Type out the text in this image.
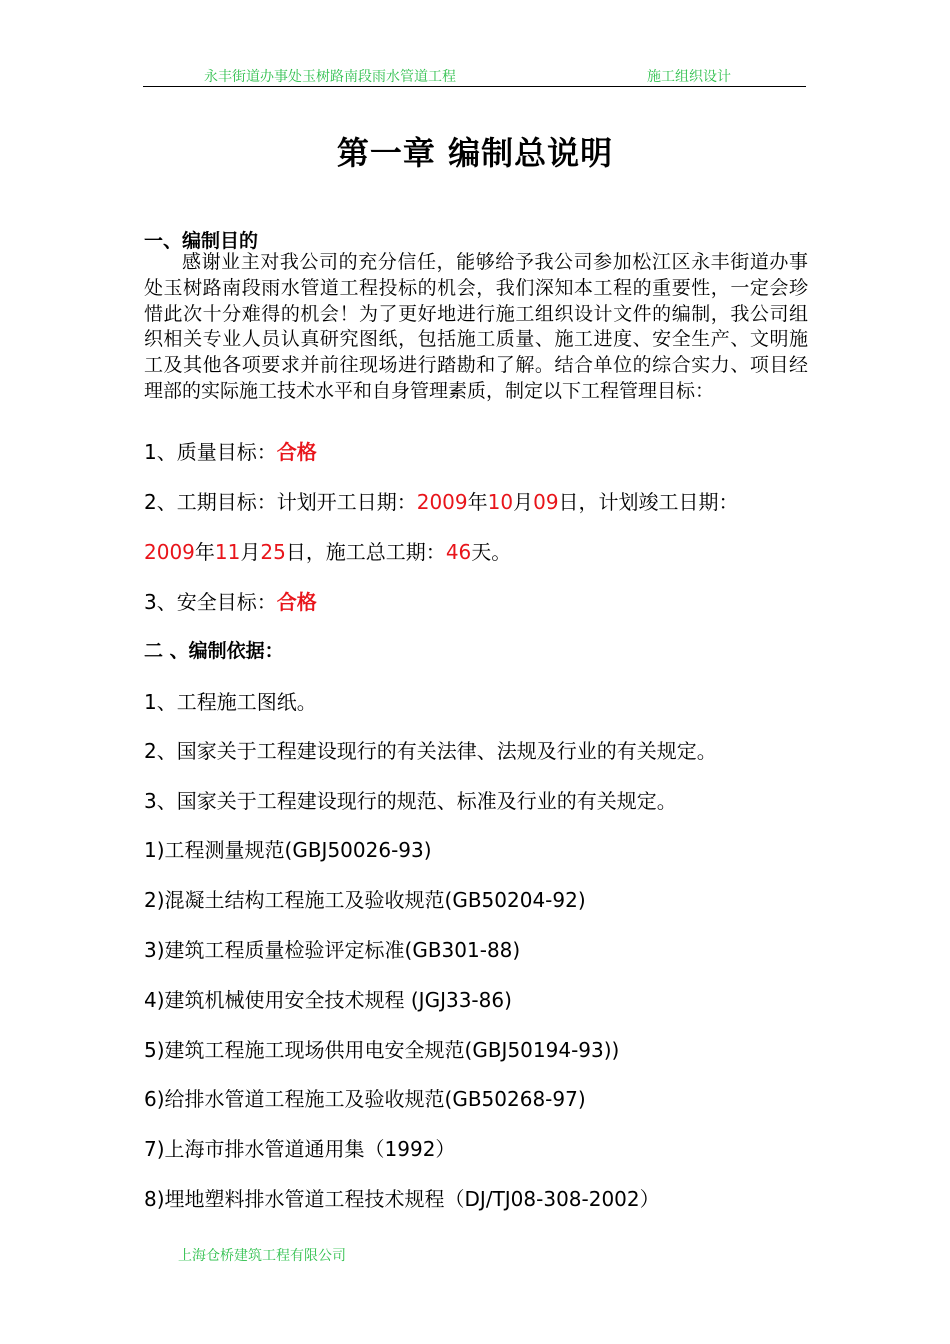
永丰街道办事处玉树路南段雨水管道工程	施工组织设计
第一章 编制总说明
一、编制目的

感谢业主对我公司的充分信任，能够给予我公司参加松江区永丰街道办事处玉树路南段雨水管道工程投标的机会，我们深知本工程的重要性，一定会珍惜此次十分难得的机会！为了更好地进行施工组织设计文件的编制，我公司组织相关专业人员认真研究图纸，包括施工质量、施工进度、安全生产、文明施工及其他各项要求并前往现场进行踏勘和了解。结合单位的综合实力、项目经理部的实际施工技术水平和自身管理素质，制定以下工程管理目标：

1、质量目标：合格
2、工期目标：计划开工日期：2009年10月09日，计划竣工日期：
2009年11月25日，施工总工期：46天。
3、安全目标：合格
二 、编制依据：
1、工程施工图纸。
2、国家关于工程建设现行的有关法律、法规及行业的有关规定。
3、国家关于工程建设现行的规范、标准及行业的有关规定。
1)工程测量规范(GBJ50026-93)
2)混凝土结构工程施工及验收规范(GB50204-92)
3)建筑工程质量检验评定标准(GB301-88)
4)建筑机械使用安全技术规程 (JGJ33-86)
5)建筑工程施工现场供用电安全规范(GBJ50194-93))
6)给排水管道工程施工及验收规范(GB50268-97)
7)上海市排水管道通用集（1992）
8)埋地塑料排水管道工程技术规程（DJ/TJ08-308-2002）
上海仓桥建筑工程有限公司
